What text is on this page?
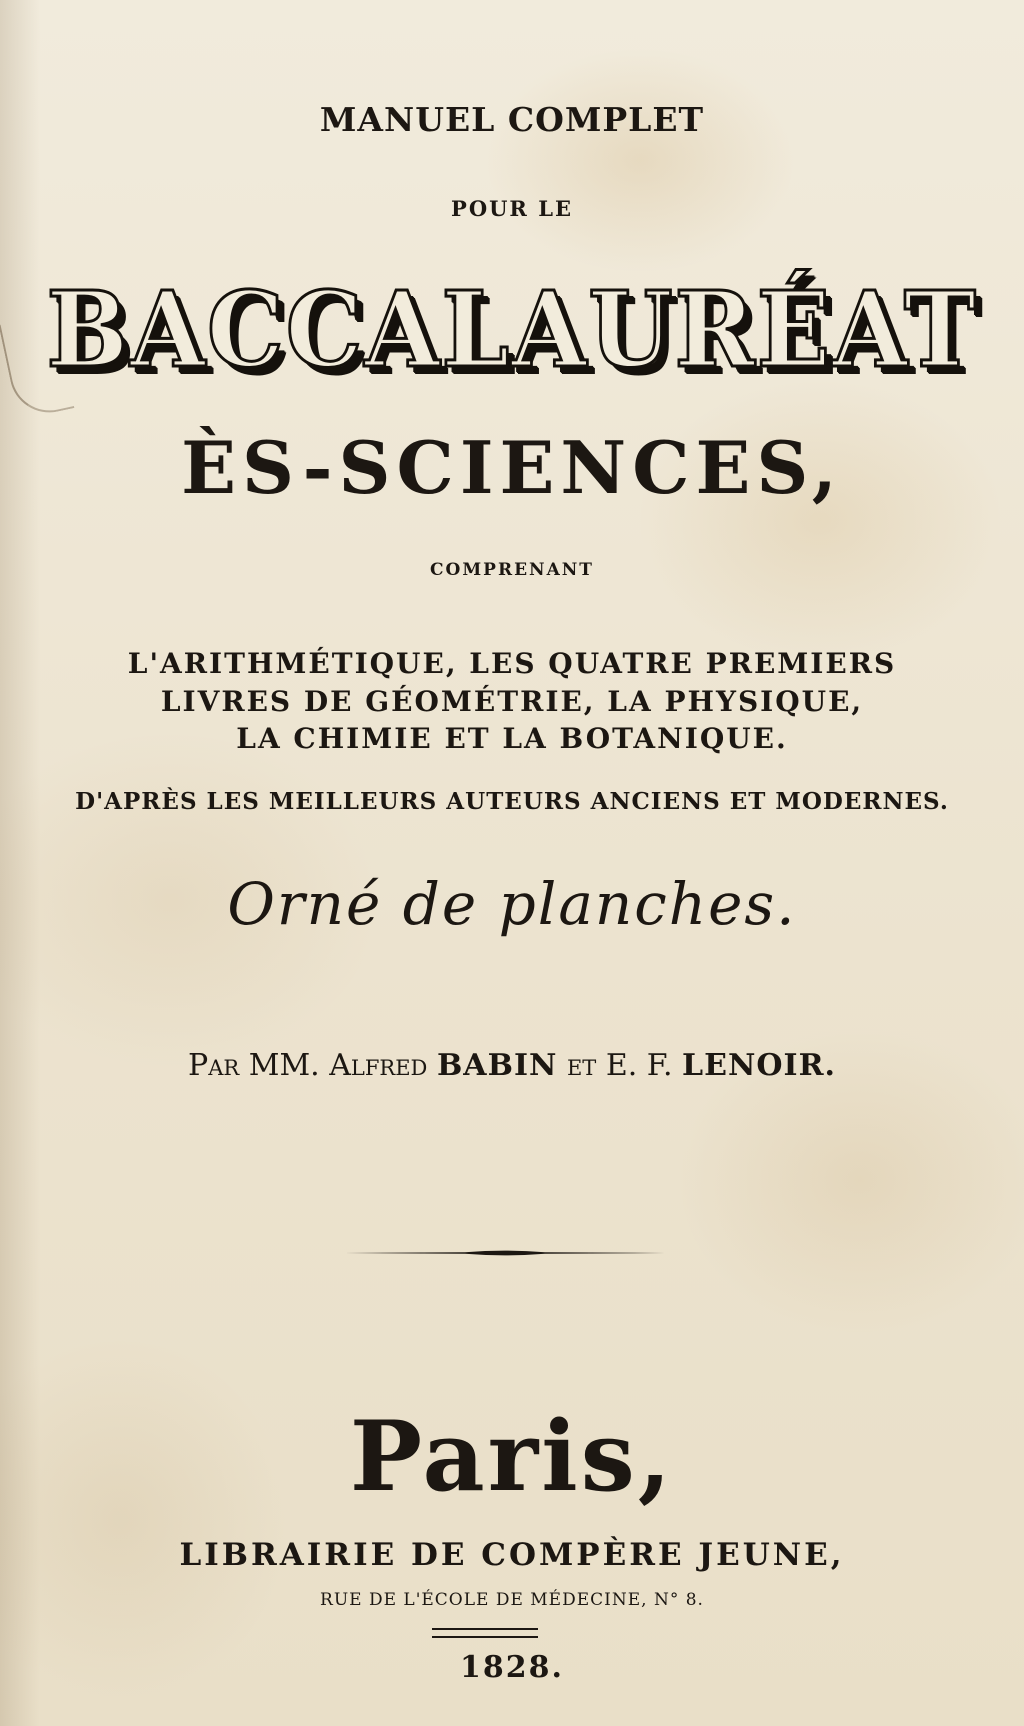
MANUEL COMPLET

POUR LE

BACCALAURÉAT

ÈS-SCIENCES,

COMPRENANT

L'ARITHMÉTIQUE, LES QUATRE PREMIERS

LIVRES DE GÉOMÉTRIE, LA PHYSIQUE,

LA CHIMIE ET LA BOTANIQUE.

D'APRÈS LES MEILLEURS AUTEURS ANCIENS ET MODERNES.

Orné de planches.

Par MM. Alfred BABIN et E. F. LENOIR.

Paris,

LIBRAIRIE DE COMPÈRE JEUNE,

RUE DE L'ÉCOLE DE MÉDECINE, N° 8.

1828.
